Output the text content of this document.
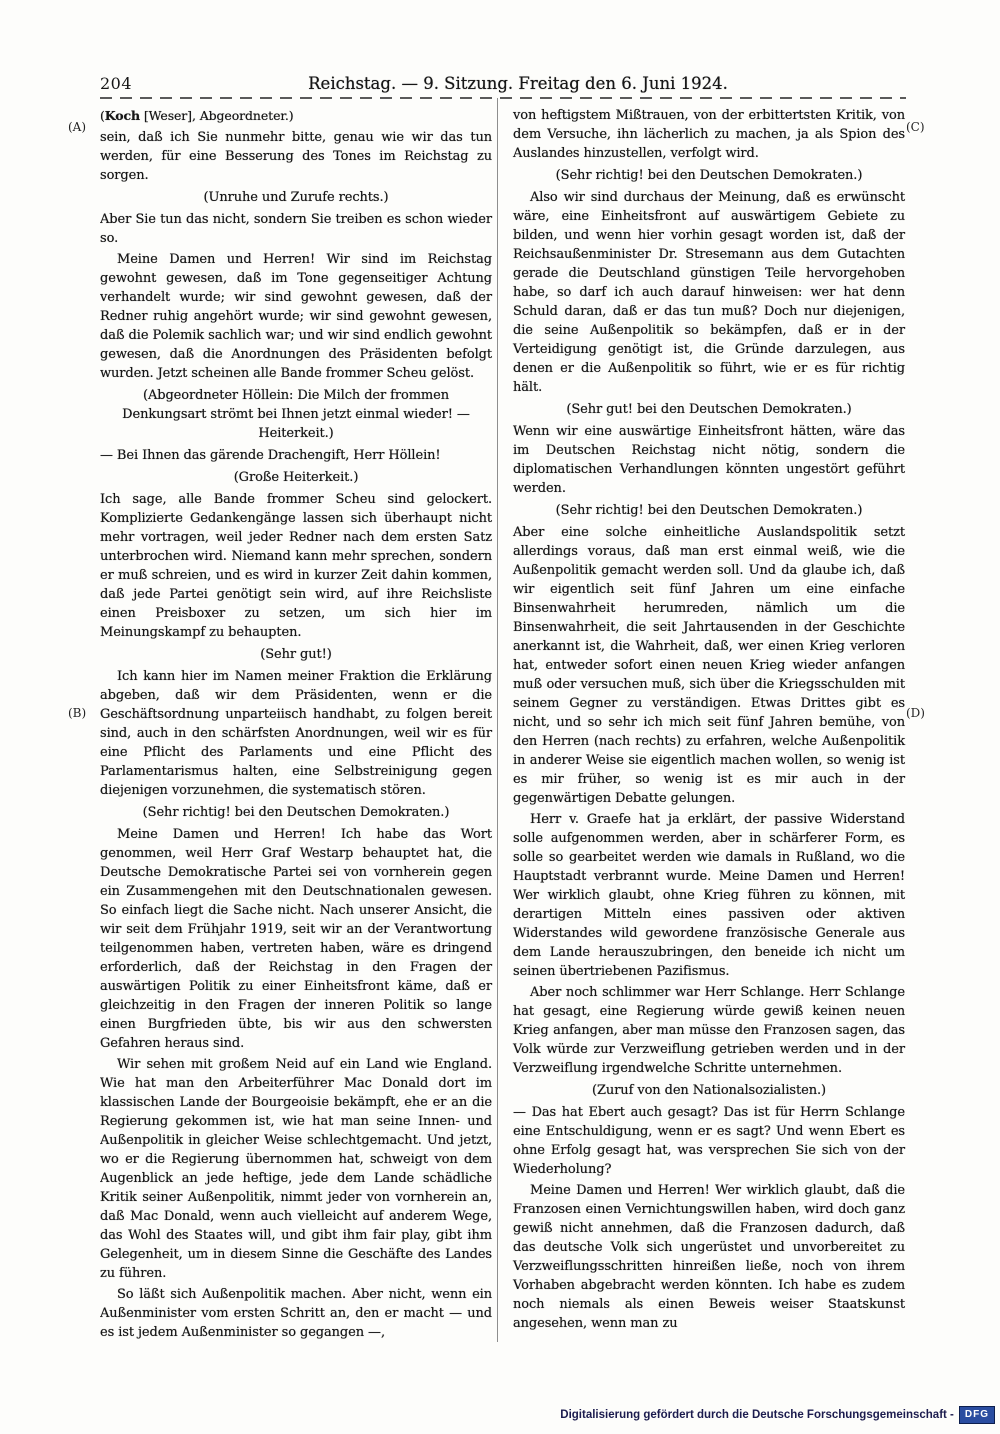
(A)
(B)
(C)
(D)
204	Reichstag. — 9. Sitzung. Freitag den 6. Juni 1924.

(Koch [Weser], Abgeordneter.)

sein, daß ich Sie nunmehr bitte, genau wie wir das tun werden, für eine Besserung des Tones im Reichstag zu sorgen.

(Unruhe und Zurufe rechts.)

Aber Sie tun das nicht, sondern Sie treiben es schon wieder so.

Meine Damen und Herren! Wir sind im Reichstag gewohnt gewesen, daß im Tone gegenseitiger Achtung verhandelt wurde; wir sind gewohnt gewesen, daß der Redner ruhig angehört wurde; wir sind gewohnt gewesen, daß die Polemik sachlich war; und wir sind endlich gewohnt gewesen, daß die Anordnungen des Präsidenten befolgt wurden. Jetzt scheinen alle Bande frommer Scheu gelöst.

(Abgeordneter Höllein: Die Milch der frommen Denkungsart strömt bei Ihnen jetzt einmal wieder! — Heiterkeit.)

— Bei Ihnen das gärende Drachengift, Herr Höllein!

(Große Heiterkeit.)

Ich sage, alle Bande frommer Scheu sind gelockert. Komplizierte Gedankengänge lassen sich überhaupt nicht mehr vortragen, weil jeder Redner nach dem ersten Satz unterbrochen wird. Niemand kann mehr sprechen, sondern er muß schreien, und es wird in kurzer Zeit dahin kommen, daß jede Partei genötigt sein wird, auf ihre Reichsliste einen Preisboxer zu setzen, um sich hier im Meinungskampf zu behaupten.

(Sehr gut!)

Ich kann hier im Namen meiner Fraktion die Erklärung abgeben, daß wir dem Präsidenten, wenn er die Geschäftsordnung unparteiisch handhabt, zu folgen bereit sind, auch in den schärfsten Anordnungen, weil wir es für eine Pflicht des Parlaments und eine Pflicht des Parlamentarismus halten, eine Selbstreinigung gegen diejenigen vorzunehmen, die systematisch stören.

(Sehr richtig! bei den Deutschen Demokraten.)

Meine Damen und Herren! Ich habe das Wort genommen, weil Herr Graf Westarp behauptet hat, die Deutsche Demokratische Partei sei von vornherein gegen ein Zusammengehen mit den Deutschnationalen gewesen. So einfach liegt die Sache nicht. Nach unserer Ansicht, die wir seit dem Frühjahr 1919, seit wir an der Verantwortung teilgenommen haben, vertreten haben, wäre es dringend erforderlich, daß der Reichstag in den Fragen der auswärtigen Politik zu einer Einheitsfront käme, daß er gleichzeitig in den Fragen der inneren Politik so lange einen Burgfrieden übte, bis wir aus den schwersten Gefahren heraus sind.

Wir sehen mit großem Neid auf ein Land wie England. Wie hat man den Arbeiterführer Mac Donald dort im klassischen Lande der Bourgeoisie bekämpft, ehe er an die Regierung gekommen ist, wie hat man seine Innen- und Außenpolitik in gleicher Weise schlechtgemacht. Und jetzt, wo er die Regierung übernommen hat, schweigt von dem Augenblick an jede heftige, jede dem Lande schädliche Kritik seiner Außenpolitik, nimmt jeder von vornherein an, daß Mac Donald, wenn auch vielleicht auf anderem Wege, das Wohl des Staates will, und gibt ihm fair play, gibt ihm Gelegenheit, um in diesem Sinne die Geschäfte des Landes zu führen.

So läßt sich Außenpolitik machen. Aber nicht, wenn ein Außenminister vom ersten Schritt an, den er macht — und es ist jedem Außenminister so gegangen —,

von heftigstem Mißtrauen, von der erbittertsten Kritik, von dem Versuche, ihn lächerlich zu machen, ja als Spion des Auslandes hinzustellen, verfolgt wird.

(Sehr richtig! bei den Deutschen Demokraten.)

Also wir sind durchaus der Meinung, daß es erwünscht wäre, eine Einheitsfront auf auswärtigem Gebiete zu bilden, und wenn hier vorhin gesagt worden ist, daß der Reichsaußenminister Dr. Stresemann aus dem Gutachten gerade die Deutschland günstigen Teile hervorgehoben habe, so darf ich auch darauf hinweisen: wer hat denn Schuld daran, daß er das tun muß? Doch nur diejenigen, die seine Außenpolitik so bekämpfen, daß er in der Verteidigung genötigt ist, die Gründe darzulegen, aus denen er die Außenpolitik so führt, wie er es für richtig hält.

(Sehr gut! bei den Deutschen Demokraten.)

Wenn wir eine auswärtige Einheitsfront hätten, wäre das im Deutschen Reichstag nicht nötig, sondern die diplomatischen Verhandlungen könnten ungestört geführt werden.

(Sehr richtig! bei den Deutschen Demokraten.)

Aber eine solche einheitliche Auslandspolitik setzt allerdings voraus, daß man erst einmal weiß, wie die Außenpolitik gemacht werden soll. Und da glaube ich, daß wir eigentlich seit fünf Jahren um eine einfache Binsenwahrheit herumreden, nämlich um die Binsenwahrheit, die seit Jahrtausenden in der Geschichte anerkannt ist, die Wahrheit, daß, wer einen Krieg verloren hat, entweder sofort einen neuen Krieg wieder anfangen muß oder versuchen muß, sich über die Kriegsschulden mit seinem Gegner zu verständigen. Etwas Drittes gibt es nicht, und so sehr ich mich seit fünf Jahren bemühe, von den Herren (nach rechts) zu erfahren, welche Außenpolitik in anderer Weise sie eigentlich machen wollen, so wenig ist es mir früher, so wenig ist es mir auch in der gegenwärtigen Debatte gelungen.

Herr v. Graefe hat ja erklärt, der passive Widerstand solle aufgenommen werden, aber in schärferer Form, es solle so gearbeitet werden wie damals in Rußland, wo die Hauptstadt verbrannt wurde. Meine Damen und Herren! Wer wirklich glaubt, ohne Krieg führen zu können, mit derartigen Mitteln eines passiven oder aktiven Widerstandes wild gewordene französische Generale aus dem Lande herauszubringen, den beneide ich nicht um seinen übertriebenen Pazifismus.

Aber noch schlimmer war Herr Schlange. Herr Schlange hat gesagt, eine Regierung würde gewiß keinen neuen Krieg anfangen, aber man müsse den Franzosen sagen, das Volk würde zur Verzweiflung getrieben werden und in der Verzweiflung irgendwelche Schritte unternehmen.

(Zuruf von den Nationalsozialisten.)

— Das hat Ebert auch gesagt? Das ist für Herrn Schlange eine Entschuldigung, wenn er es sagt? Und wenn Ebert es ohne Erfolg gesagt hat, was versprechen Sie sich von der Wiederholung?

Meine Damen und Herren! Wer wirklich glaubt, daß die Franzosen einen Vernichtungswillen haben, wird doch ganz gewiß nicht annehmen, daß die Franzosen dadurch, daß das deutsche Volk sich ungerüstet und unvorbereitet zu Verzweiflungsschritten hinreißen ließe, noch von ihrem Vorhaben abgebracht werden könnten. Ich habe es zudem noch niemals als einen Beweis weiser Staatskunst angesehen, wenn man zu

Digitalisierung gefördert durch die Deutsche Forschungsgemeinschaft -	DFG
